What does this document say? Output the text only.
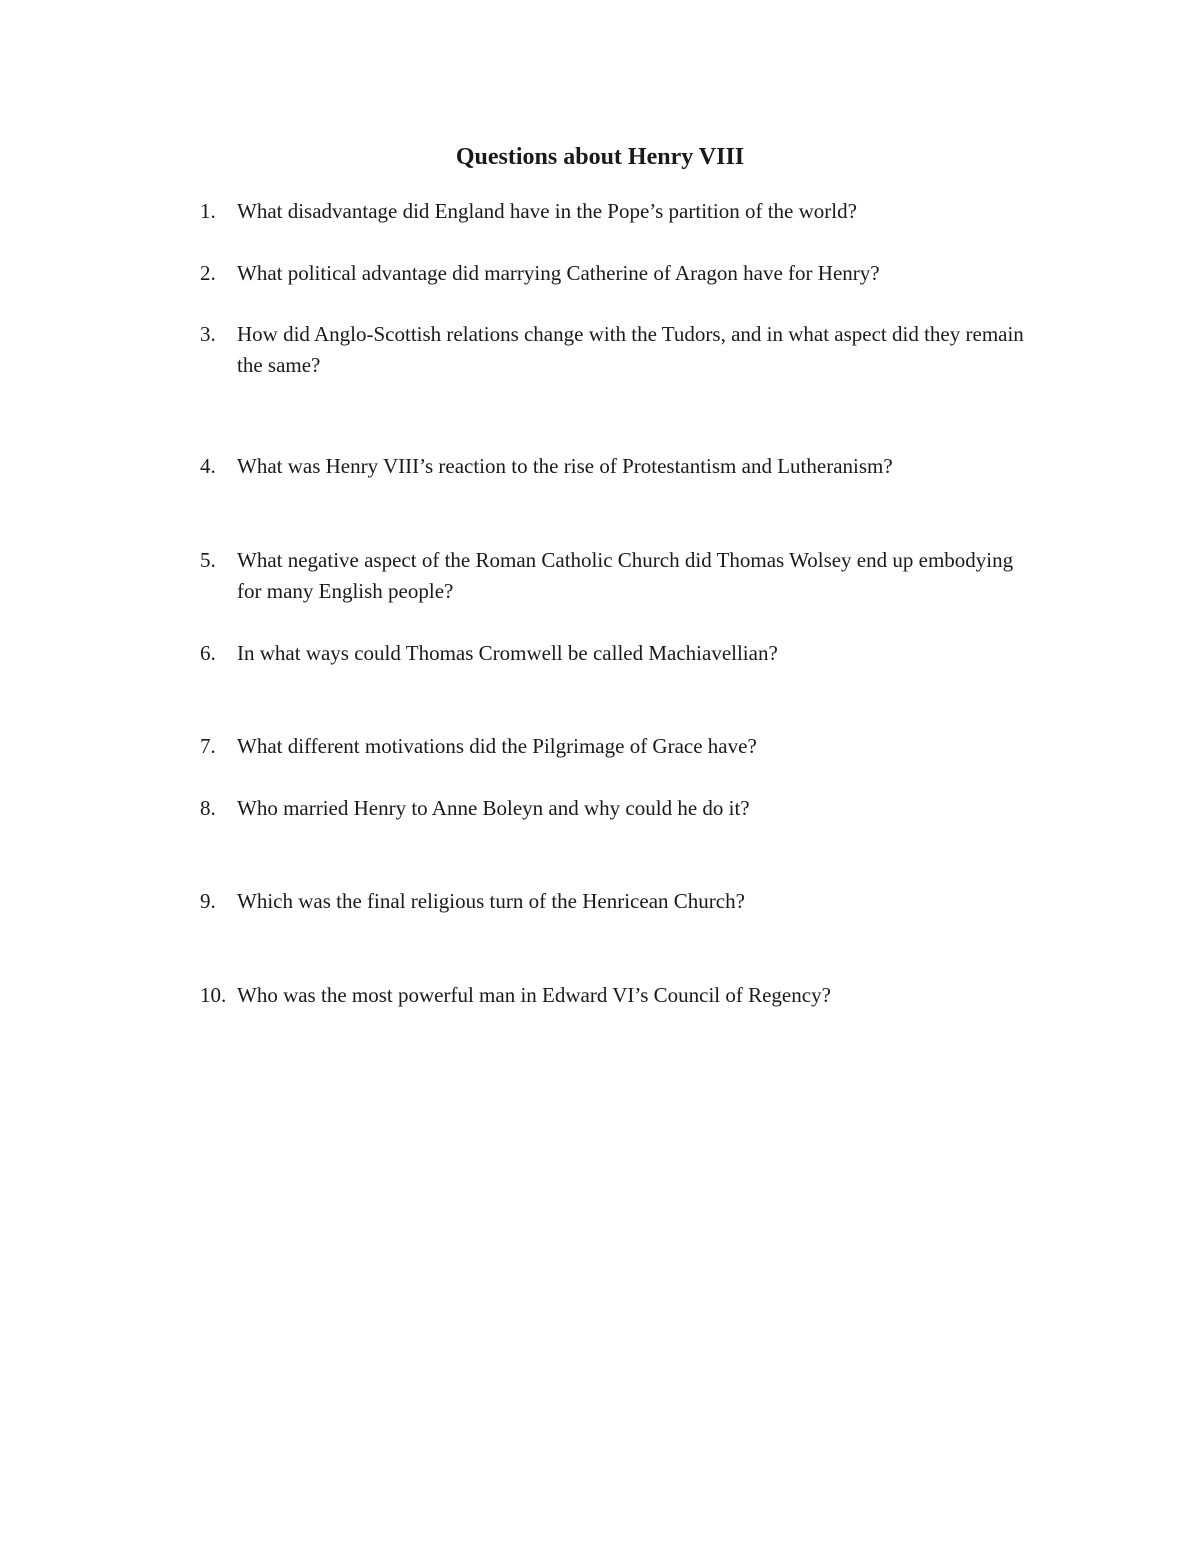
Questions about Henry VIII
1. What disadvantage did England have in the Pope’s partition of the world?
2. What political advantage did marrying Catherine of Aragon have for Henry?
3. How did Anglo-Scottish relations change with the Tudors, and in what aspect did they remain the same?
4. What was Henry VIII’s reaction to the rise of Protestantism and Lutheranism?
5. What negative aspect of the Roman Catholic Church did Thomas Wolsey end up embodying for many English people?
6. In what ways could Thomas Cromwell be called Machiavellian?
7. What different motivations did the Pilgrimage of Grace have?
8. Who married Henry to Anne Boleyn and why could he do it?
9. Which was the final religious turn of the Henricean Church?
10. Who was the most powerful man in Edward VI’s Council of Regency?
